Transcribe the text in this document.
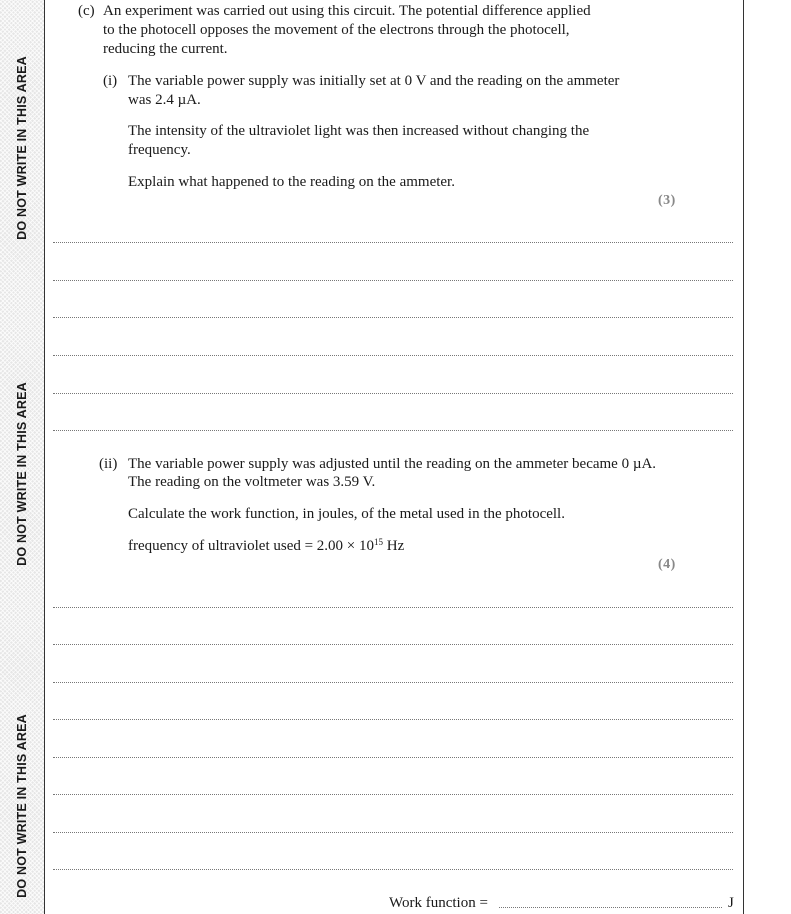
DO NOT WRITE IN THIS AREA
DO NOT WRITE IN THIS AREA
DO NOT WRITE IN THIS AREA
(c) An experiment was carried out using this circuit. The potential difference applied
to the photocell opposes the movement of the electrons through the photocell,
reducing the current.
(i) The variable power supply was initially set at 0 V and the reading on the ammeter
was 2.4 µA.
The intensity of the ultraviolet light was then increased without changing the
frequency.
Explain what happened to the reading on the ammeter.
(3)
(ii) The variable power supply was adjusted until the reading on the ammeter became 0 µA.
The reading on the voltmeter was 3.59 V.
Calculate the work function, in joules, of the metal used in the photocell.
frequency of ultraviolet used = $2.00 \times 10^{15}$ Hz
(4)
Work function =	J
